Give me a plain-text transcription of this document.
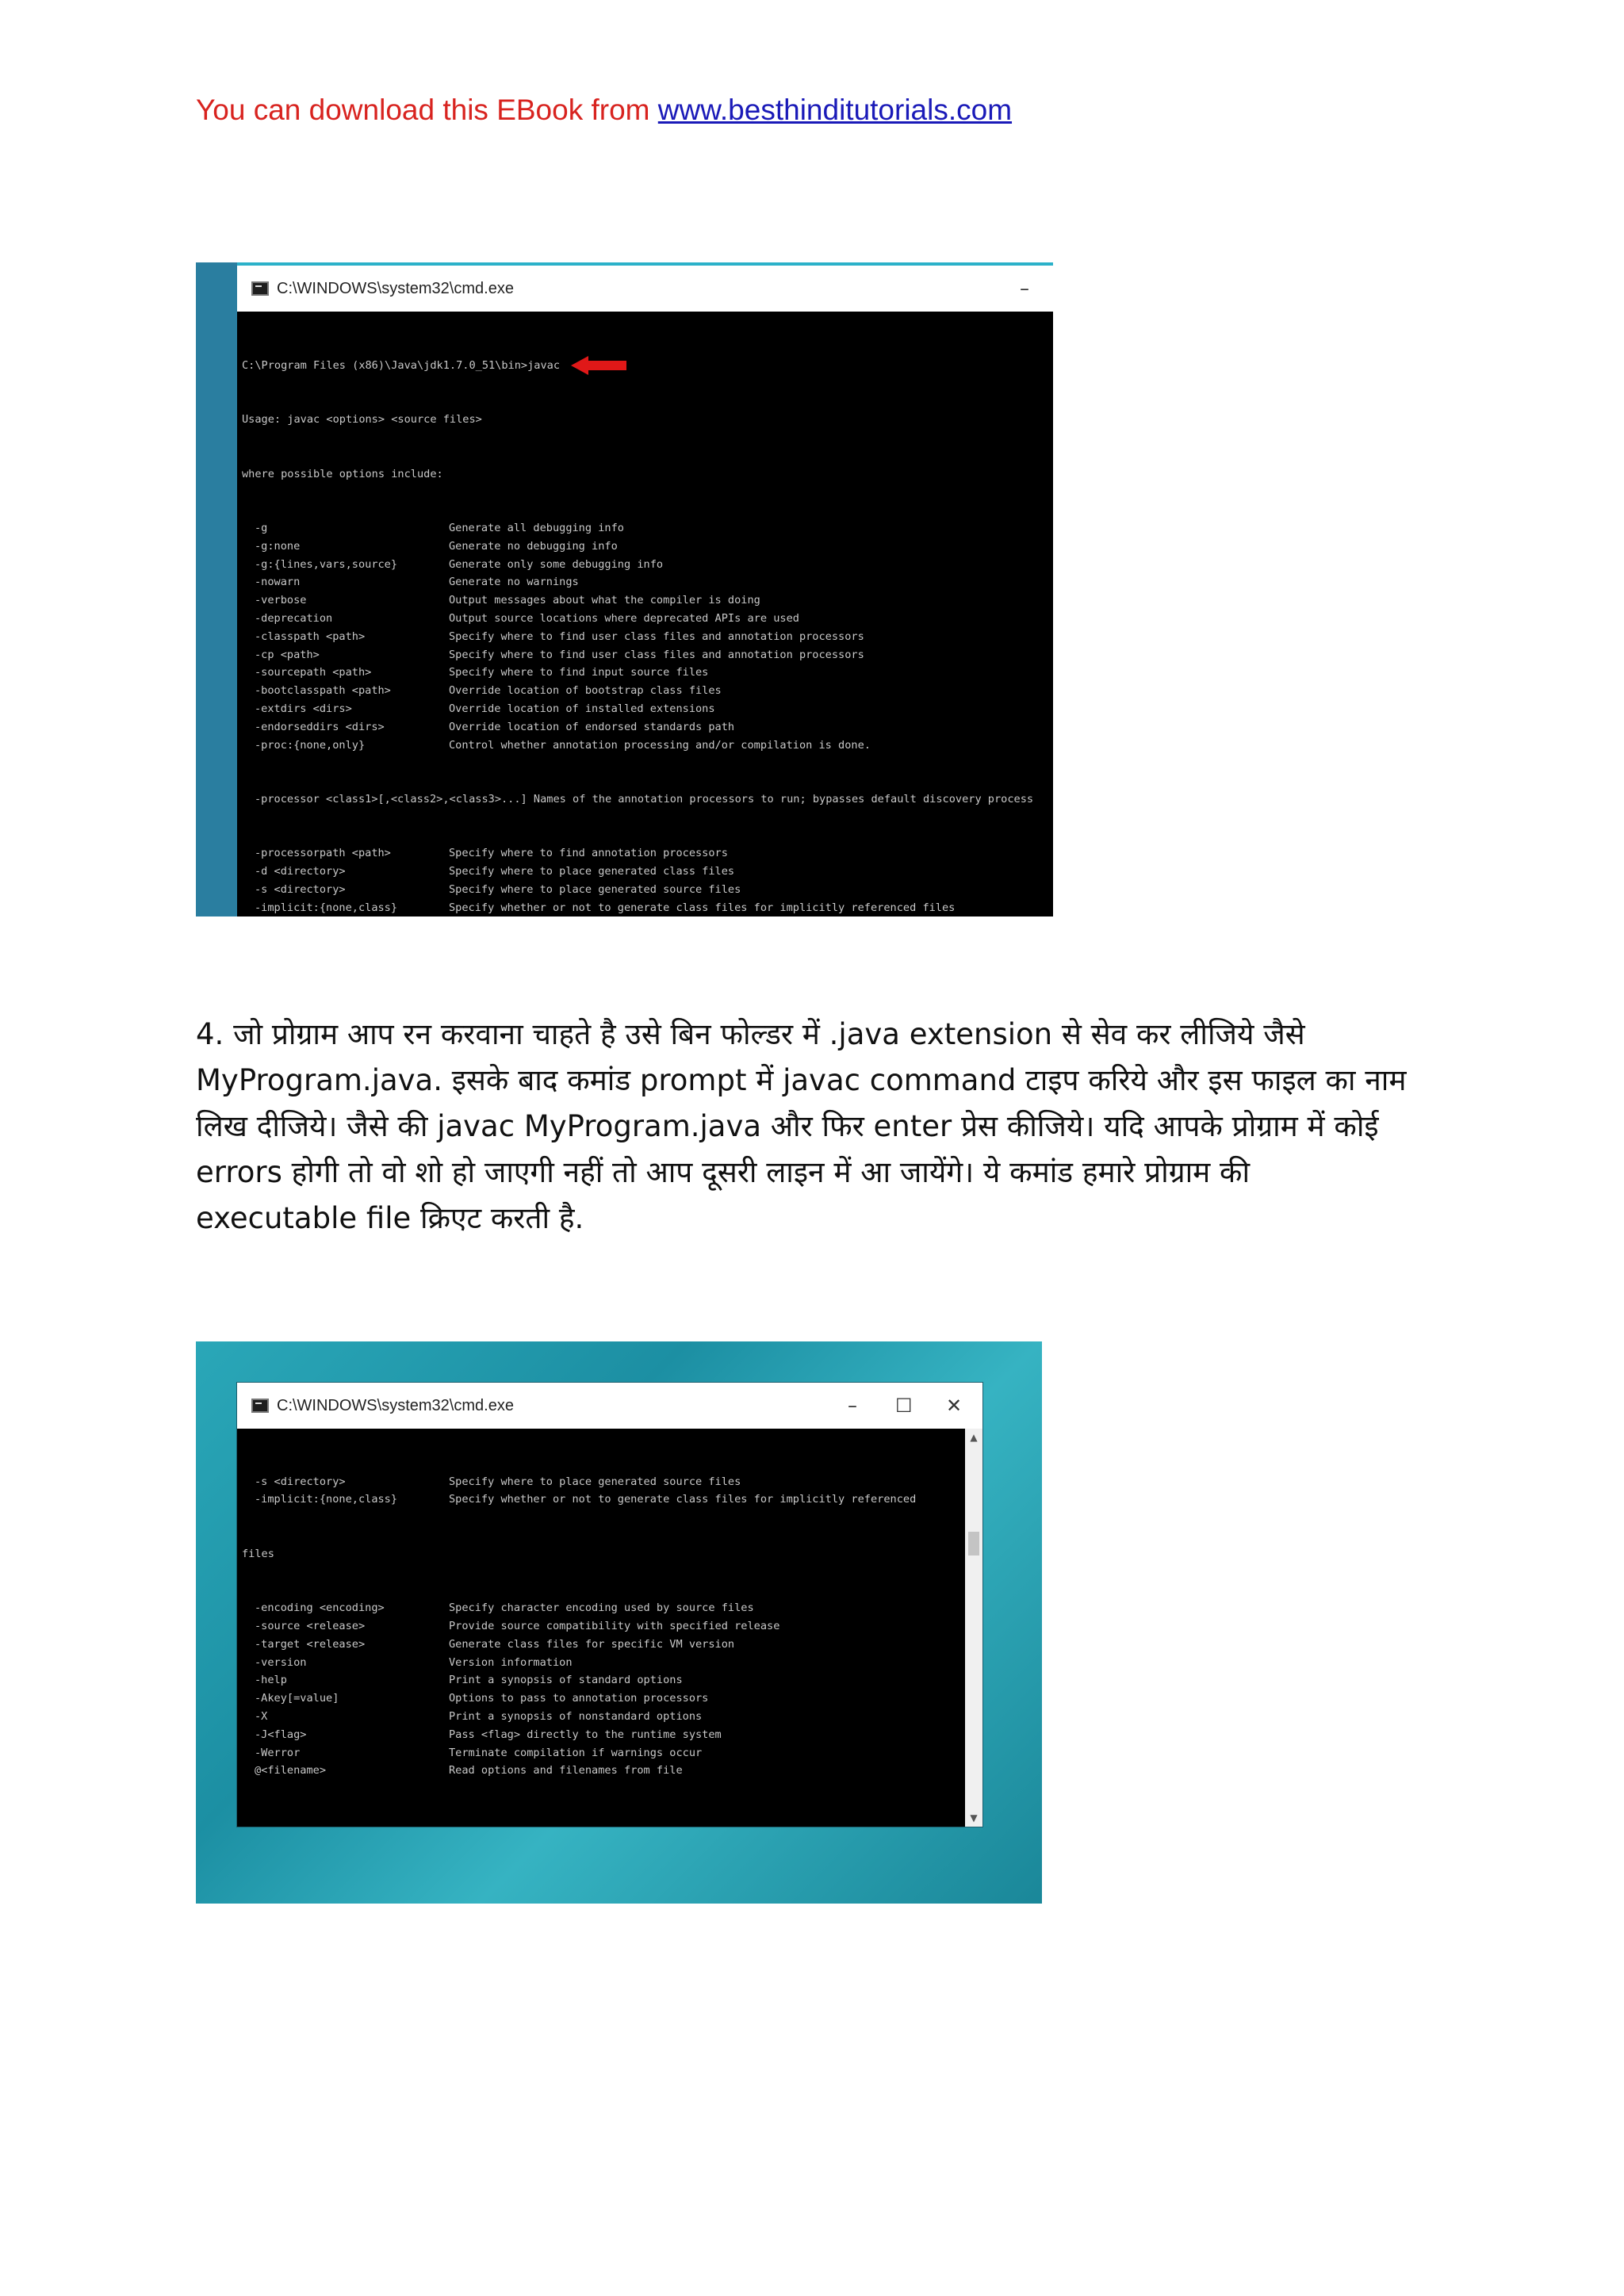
You can download this EBook from www.besthinditutorials.com
C:\WINDOWS\system32\cmd.exe	–

C:\Program Files (x86)\Java\jdk1.7.0_51\bin>javac

Usage: javac <options> <source files>

where possible options include:

-g	Generate all debugging info
-g:none	Generate no debugging info
-g:{lines,vars,source}	Generate only some debugging info
-nowarn	Generate no warnings
-verbose	Output messages about what the compiler is doing
-deprecation	Output source locations where deprecated APIs are used
-classpath <path>	Specify where to find user class files and annotation processors
-cp <path>	Specify where to find user class files and annotation processors
-sourcepath <path>	Specify where to find input source files
-bootclasspath <path>	Override location of bootstrap class files
-extdirs <dirs>	Override location of installed extensions
-endorseddirs <dirs>	Override location of endorsed standards path
-proc:{none,only}	Control whether annotation processing and/or compilation is done.

-processor <class1>[,<class2>,<class3>...] Names of the annotation processors to run; bypasses default discovery process

-processorpath <path>	Specify where to find annotation processors
-d <directory>	Specify where to place generated class files
-s <directory>	Specify where to place generated source files
-implicit:{none,class}	Specify whether or not to generate class files for implicitly referenced files

4. जो प्रोग्राम आप रन करवाना चाहते है उसे बिन फोल्डर में .java extension से सेव कर लीजिये जैसे
MyProgram.java. इसके बाद कमांड prompt में javac command टाइप करिये और इस फाइल का नाम
लिख दीजिये। जैसे की javac MyProgram.java और फिर enter प्रेस कीजिये। यदि आपके प्रोग्राम में कोई
errors होगी तो वो शो हो जाएगी नहीं तो आप दूसरी लाइन में आ जायेंगे। ये कमांड हमारे प्रोग्राम की
executable file क्रिएट करती है.
C:\WINDOWS\system32\cmd.exe	– ☐ ✕

-s <directory>	Specify where to place generated source files
-implicit:{none,class}	Specify whether or not to generate class files for implicitly referenced

files

-encoding <encoding>	Specify character encoding used by source files
-source <release>	Provide source compatibility with specified release
-target <release>	Generate class files for specific VM version
-version	Version information
-help	Print a synopsis of standard options
-Akey[=value]	Options to pass to annotation processors
-X	Print a synopsis of nonstandard options
-J<flag>	Pass <flag> directly to the runtime system
-Werror	Terminate compilation if warnings occur
@<filename>	Read options and filenames from file

▲
▼
